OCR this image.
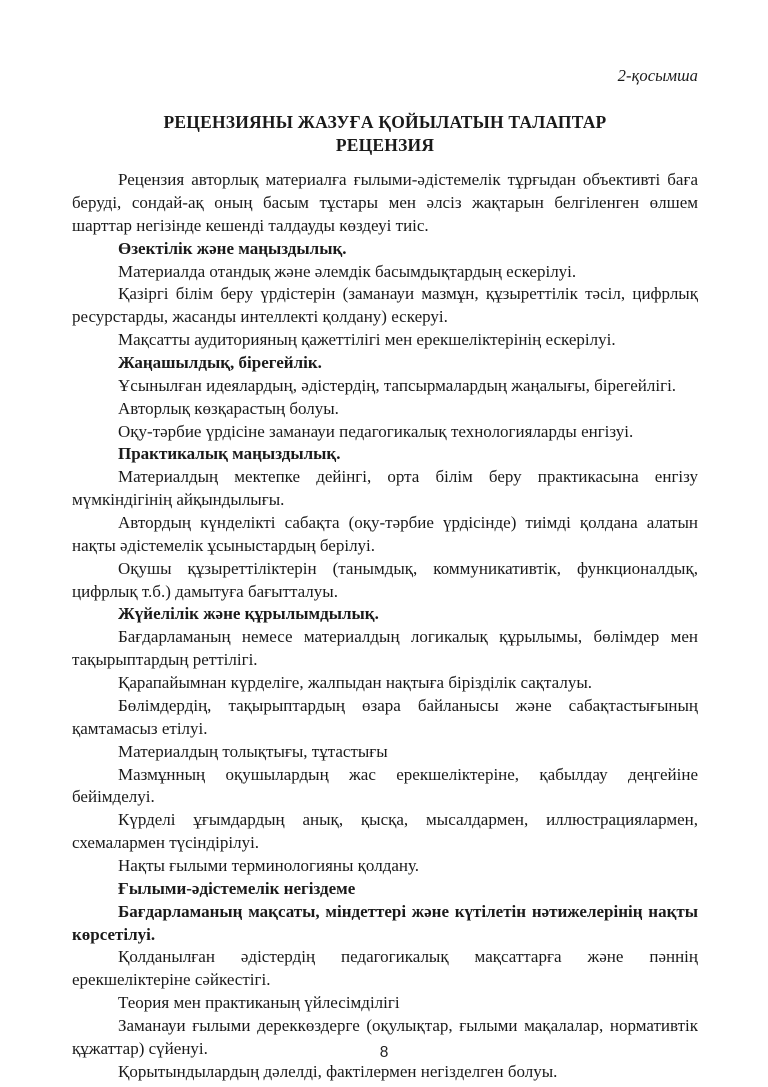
2-қосымша
РЕЦЕНЗИЯНЫ ЖАЗУҒА ҚОЙЫЛАТЫН ТАЛАПТАР
РЕЦЕНЗИЯ

Рецензия авторлық материалға ғылыми-әдістемелік тұрғыдан объективті баға беруді, сондай-ақ оның басым тұстары мен әлсіз жақтарын белгіленген өлшем шарттар негізінде кешенді талдауды көздеуі тиіс.

Өзектілік және маңыздылық.

Материалда отандық және әлемдік басымдықтардың ескерілуі.

Қазіргі білім беру үрдістерін (заманауи мазмұн, құзыреттілік тәсіл, цифрлық ресурстарды, жасанды интеллекті қолдану) ескеруі.

Мақсатты аудиторияның қажеттілігі мен ерекшеліктерінің ескерілуі.

Жаңашылдық, бірегейлік.

Ұсынылған идеялардың, әдістердің, тапсырмалардың жаңалығы, бірегейлігі.

Авторлық көзқарастың болуы.

Оқу-тәрбие үрдісіне заманауи педагогикалық технологияларды енгізуі.

Практикалық маңыздылық.

Материалдың мектепке дейінгі, орта білім беру практикасына енгізу мүмкіндігінің айқындылығы.

Автордың күнделікті сабақта (оқу-тәрбие үрдісінде) тиімді қолдана алатын нақты әдістемелік ұсыныстардың берілуі.

Оқушы құзыреттіліктерін (танымдық, коммуникативтік, функционалдық, цифрлық т.б.) дамытуға бағытталуы.

Жүйелілік және құрылымдылық.

Бағдарламаның немесе материалдың логикалық құрылымы, бөлімдер мен тақырыптардың реттілігі.

Қарапайымнан күрделіге, жалпыдан нақтыға бірізділік сақталуы.

Бөлімдердің, тақырыптардың өзара байланысы және сабақтастығының қамтамасыз етілуі.

Материалдың толықтығы, тұтастығы

Мазмұнның оқушылардың жас ерекшеліктеріне, қабылдау деңгейіне бейімделуі.

Күрделі ұғымдардың анық, қысқа, мысалдармен, иллюстрациялармен, схемалармен түсіндірілуі.

Нақты ғылыми терминологияны қолдану.

Ғылыми-әдістемелік негіздеме

Бағдарламаның мақсаты, міндеттері және күтілетін нәтижелерінің нақты көрсетілуі.

Қолданылған әдістердің педагогикалық мақсаттарға және пәннің ерекшеліктеріне сәйкестігі.

Теория мен практиканың үйлесімділігі

Заманауи ғылыми дереккөздерге (оқулықтар, ғылыми мақалалар, нормативтік құжаттар) сүйенуі.

Қорытындылардың дәлелді, фактілермен негізделген болуы.

8
